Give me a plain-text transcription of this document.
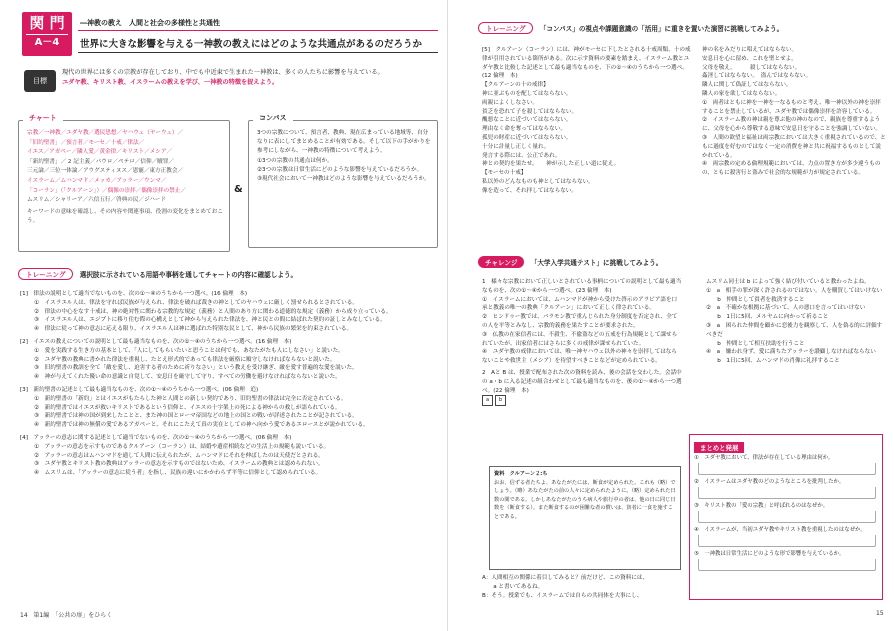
関 門
A－4
―神教の教え　人間と社会の多様性と共通性
世界に大きな影響を与える一神教の教えにはどのような共通点があるのだろうか
目標
現代の世界には多くの宗教が存在しており、中でも中近東で生まれた一神教は、多くの人たちに影響を与えている。
ユダヤ教、キリスト教、イスラームの教えを学び、一神教の特徴を捉えよう。
チャート
宗教／一神教／ユダヤ教／選民思想／ヤハウェ（ヤーウェ）／
「旧約聖書」／預言者／モーセ／十戒／律法／
イエス／アガペー／隣人愛／黄金律／キリスト／メシア／
「新約聖書」／ 2 記主義／パウロ／ペテロ／信仰／贖罪／
三元論／三位一体論／アウグスティヌス／恩寵／東方正教会／
イスラーム／ムハンマド／メッカ／アッラー／ウンマ／
「コーラン」（「クルアーン」）／偶像の崇拝／偶像崇拝の禁止／
ムスリム／シャリーア／六信五行／啓典の民／ジハード
キーワードの意味を確認し、その内容や関連事項、役割の変化をまとめておこう。
&
コンパス
3つの宗教について、預言者、教典、現在広まっている地域等、自分なりに表にしてまとめることが有効である。そして以下の手がかりを参考にしながら、一神教の特徴について考えよう。
①3つの宗教の共通点は何か。
②3つの宗教は日常生活にどのような影響を与えているだろうか。
③現代社会において一神教はどのような影響を与えているだろうか。
トレーニング 選択肢に示されている用語や事柄を通してチャートの内容に確認しよう。
[1]　律法の説明として適当でないものを、次の①～④のうちから一つ選べ。(16 倫理　本)
①　イスラエル人は、律法を守れば民族が与えられ、律法を破れば裁きの神としてのヤハウェに厳しく罰せられるとされている。
②　律法の中心をなす十戒は、神の絶対性に関わる宗教的な規定（義務）と人間のあり方に関わる道徳的な規定（義務）から成り立っている。
③　イスラエル人は、エジプトに移り住む際の心構えとして神から与えられた律法を、神と民との間に結ばれた契約の証しとみなしている。
④　律法に従って神の意志に応える限り、イスラエル人は神に選ばれた特別な民として、神から民族の繁栄を約束されている。
[2]　イエスの教えについての説明として最も適当なものを、次の①～④のうちから一つ選べ。(16 倫理　本)
①　愛を実践する生き方の基本として、「人にしてもらいたいと思うことは何でも、あなたがたも人にしなさい」と説いた。
②　ユダヤ教の教典に書かれた律法を重視し、たとえ形式的であっても律法を厳格に順守しなければならないと説いた。
③　旧約聖書の教訓を全て「敵を愛し、迫害する者のために祈りなさい」という教えを受け継ぎ、敵を愛す普遍的な愛を説いた。
④　神が与えてくれた優い命の意識と自覚して、安息日を厳守して守り、すべての労働を避けなければならないと説いた。
[3]　新約聖書の記述として最も適当なものを、次の①～④のうちから一つ選べ。(06 倫理　追)
①　新約聖書の「新約」とはイエスがもたらした神と人間との新しい契約であり、旧約聖書の律法は完全に否定されている。
②　新約聖書ではイエスが救いキリストであるという信仰と、イエスの十字架上の死による神からの救しが語られている。
③　新約聖書では神の国が到来したことと、また神の国とローマ帝国などの地上の国との戦いが詳述されたことが記されている。
④　新約聖書では神の無償の愛であるアガペーと、それにこたえて真の実在としての神へ向かう愛であるエロースとが説かれている。
[4]　アッラーの意志に関する記述として適当でないものを、次の①～④のうちから一つ選べ。(06 倫理　本)
①　アッラーの意志を示すものであるクルアーン（コーラン）は、結婚や遺産相続などの生活上の規範も説いている。
②　アッラーの意志はムハンマドを通して人間に伝えられたが、ムハンマドにそれを伸ばしたのは天使だとされる。
③　ユダヤ教とキリスト教の教典はアッラーの意志を示すものではないため、イスラームの教典とは認められない。
④　ムスリムは、「アッラーの意志に従う者」を指し、民族の違いにかかわらず平等に信仰として認められている。
14 第1編　「公共の扉」をひらく
トレーニング 「コンパス」の視点や課題意識の「活用」に重きを置いた演習に挑戦してみよう。
[5]　クルアーン（コーラン）には、神がモーセに下したとされる十戒周類、十の戒律が引用されている箇所がある。次に示す資料の要素を踏まえ、イスラーム教とユダヤ教と比較した記述として最も適当なものを、下の①～④のうちから一つ選べ。
(12 倫理　本)
【クルアーンの十の戒律】
神に並ぶものを配してはならない。
両親によくしなさい。
貧乏を恐れて子を殺してはならない。
醜悪なことに近づいてはならない。
理由なく命を奪ってはならない。
孤児の財産に近づいてはならない。
十分に計量し正しく量れ。
発言する際には、公正であれ。
神との契約を果たせ。　　神が示した正しい道に従え。
【モーセの十戒】
私以外のどんなものも神としてはならない。
像を造って、それ拝してはならない。
神の名をみだりに唱えてはならない。
安息日を心に留め、これを聖とせよ。
父母を敬え。　　　殺してはならない。
姦淫してはならない。　盗んではならない。
隣人に関して偽証してはならない。
隣人の家を欲してはならない。
①　両者はともに神を一神を一なるものと考え、唯一神以外の神を崇拝することを禁止しているが、ユダヤ教では偶像崇拝を許容している。
②　イスラーム教の神は親を尊ぶ他の神のなので、親族を尊重するように、父母を心から尊敬する意味で安息日を守ることを強調していない。
③　人間の欲望と福祉は両宗教においては大きく重視されているので、ともに過度を好むのではなく一定の消費を神と共に祝福するものとして説かれている。
④　両宗教の定める倫理規範においては、力点の置き方が多少違うものの、ともに殺害行と盗みで社会的な規範が力が規定されている。
チャレンジ 「大学入学共通テスト」に挑戦してみよう。
1　様々な宗教において正しいとされている事柄についての説明として最も適当なものを、次の①～④から一つ選べ。(23 倫理　本)
①　イスラームにおいては、ムハンマドが神から受けた啓示のアラビア語を口承と教義の唯一の教典「クルアーン」において正しく律されている。
②　ヒンドゥー教では、バラモン教で重んじられた身分制度を否定され、全ての人を平等とみなし、宗教的義務を果たすことが要求された。
③　仏教の在家信者には、不殺生、不偸盗などの五戒を行為規範として課せられていたが、出家信者にはさらに多くの戒律が課せられていた。
④　ユダヤ教の戒律においては、唯一神ヤハウェ以外の神々を崇拝してはならないことや救世主（メシア）を待望すべきことなどが定められている。
2　Aと B は、授業で配布された次の資料を読み、後の会話を交わした。会話中の a・b に入る記述の組合わせとして最も適当なものを、後の①～④から一つ選べ。(22 倫理　本)
a b
ムスリム同士は b によって強く結び付いていると教わったよね。
①　a　相手の罪が深く許されるのではない。人を購買してはいけない
　　b　仲間として貧者を救済すること
②　a　不確かな根拠に基づいて、人の悪口を言ってはいけない
　　b　1日に5回、メルヤムに向かって祈ること
③　a　困られた仲間を顧かに恋後力を観察して、人を偽る的に評価すべきだ
　　b　仲間として相互扶助を行うこと
④　a　嫌われ身ず、愛に満ちたアッラーを讃顧しなければならない
　　b　1日に5回、ムハンマドの肖像に礼拝すること
資料　クルアーン２:ち
おお、信ずる者たちよ、あなたがたには、断食が定められた。これも（略）でしょう。（略）あなたがたの前の人々に定められたように。（略）定められた日数の間である。しかしあなたがたのうち病人や旅行中の者は、他の日に同じ日数を（断食する）。また断食するのが困難な者の償いは、貧者に一食を施すことである。
A：人間相互の関係に着目してみると？前だけど、この資料には、
　　a と書いてあるね。
B：そう。授業でも、イスラームでは自らの共同体を大事にし、
まとめと発展
①　ユダヤ教において、律法が存在している理由は何か。
②　イスラームはユダヤ教のどのようなところを批判したか。
③　キリスト教の「愛の宗教」と呼ばれるのはなぜか。
④　イスラームが、当初ユダヤ教やキリスト教を重視したのはなぜか。
⑤　一神教は日常生活にどのような形で影響を与えているか。
15
